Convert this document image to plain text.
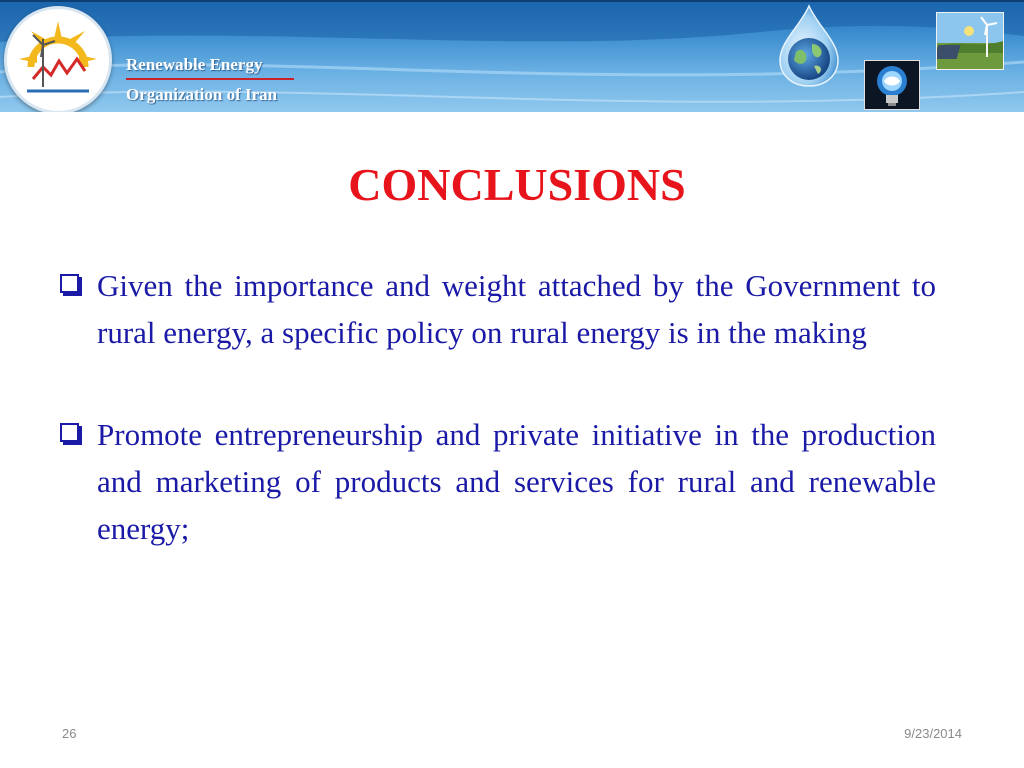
Renewable Energy
Organization of Iran
CONCLUSIONS
Given the importance and weight attached by the Government to rural energy, a specific policy on rural energy is in the making
Promote entrepreneurship and private initiative in the production and marketing of products and services for rural and renewable energy;
26	9/23/2014
